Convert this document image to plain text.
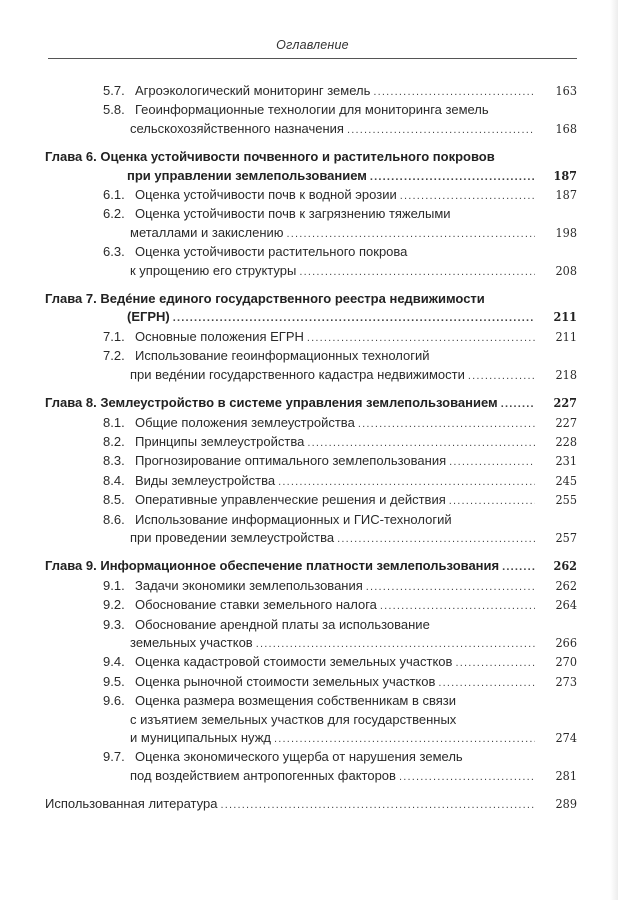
Оглавление
5.7. Агроэкологический мониторинг земель .....	163
5.8. Геоинформационные технологии для мониторинга земель
сельскохозяйственного назначения .....	168
Глава 6. Оценка устойчивости почвенного и растительного покровов
при управлении землепользованием .....	187
6.1. Оценка устойчивости почв к водной эрозии .....	187
6.2. Оценка устойчивости почв к загрязнению тяжелыми
металлами и закислению .....	198
6.3. Оценка устойчивости растительного покрова
к упрощению его структуры .....	208
Глава 7. Ведéние единого государственного реестра недвижимости
(ЕГРН) .....	211
7.1. Основные положения ЕГРН .....	211
7.2. Использование геоинформационных технологий
при ведéнии государственного кадастра недвижимости .....	218
Глава 8. Землеустройство в системе управления землепользованием .....	227
8.1. Общие положения землеустройства .....	227
8.2. Принципы землеустройства .....	228
8.3. Прогнозирование оптимального землепользования .....	231
8.4. Виды землеустройства .....	245
8.5. Оперативные управленческие решения и действия .....	255
8.6. Использование информационных и ГИС-технологий
при проведении землеустройства .....	257
Глава 9. Информационное обеспечение платности землепользования .....	262
9.1. Задачи экономики землепользования .....	262
9.2. Обоснование ставки земельного налога .....	264
9.3. Обоснование арендной платы за использование
земельных участков .....	266
9.4. Оценка кадастровой стоимости земельных участков .....	270
9.5. Оценка рыночной стоимости земельных участков .....	273
9.6. Оценка размера возмещения собственникам в связи
с изъятием земельных участков для государственных
и муниципальных нужд .....	274
9.7. Оценка экономического ущерба от нарушения земель
под воздействием антропогенных факторов .....	281
Использованная литература .....	289
